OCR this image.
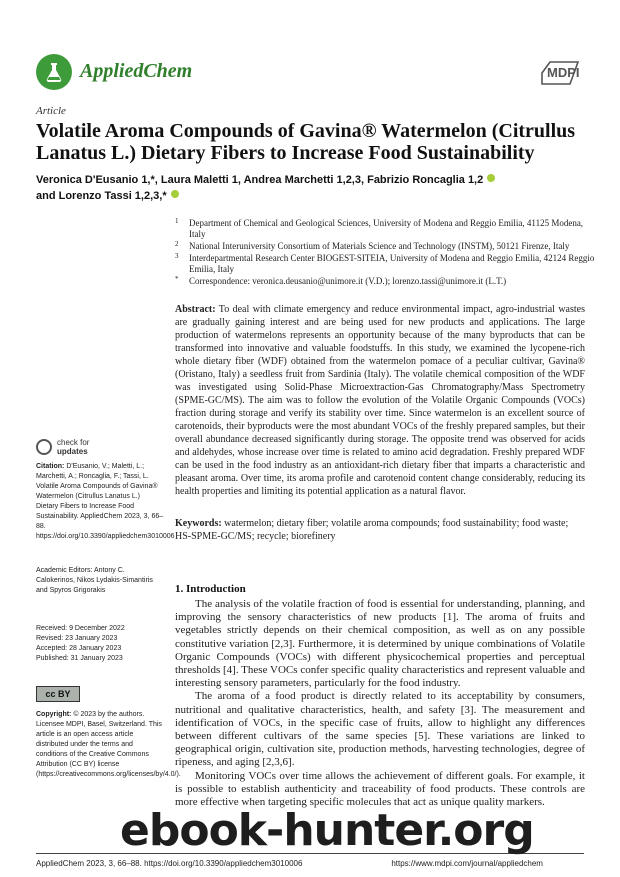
AppliedChem	MDPI
Article
Volatile Aroma Compounds of Gavina® Watermelon (Citrullus Lanatus L.) Dietary Fibers to Increase Food Sustainability
Veronica D'Eusanio 1,*, Laura Maletti 1, Andrea Marchetti 1,2,3, Fabrizio Roncaglia 1,2
and Lorenzo Tassi 1,2,3,*
1 Department of Chemical and Geological Sciences, University of Modena and Reggio Emilia, 41125 Modena, Italy
2 National Interuniversity Consortium of Materials Science and Technology (INSTM), 50121 Firenze, Italy
3 Interdepartmental Research Center BIOGEST-SITEIA, University of Modena and Reggio Emilia, 42124 Reggio Emilia, Italy
* Correspondence: veronica.deusanio@unimore.it (V.D.); lorenzo.tassi@unimore.it (L.T.)
Abstract: To deal with climate emergency and reduce environmental impact, agro-industrial wastes are gradually gaining interest and are being used for new products and applications. The large production of watermelons represents an opportunity because of the many byproducts that can be transformed into innovative and valuable foodstuffs. In this study, we examined the lycopene-rich whole dietary fiber (WDF) obtained from the watermelon pomace of a peculiar cultivar, Gavina® (Oristano, Italy) a seedless fruit from Sardinia (Italy). The volatile chemical composition of the WDF was investigated using Solid-Phase Microextraction-Gas Chromatography/Mass Spectrometry (SPME-GC/MS). The aim was to follow the evolution of the Volatile Organic Compounds (VOCs) fraction during storage and verify its stability over time. Since watermelon is an excellent source of carotenoids, their byproducts were the most abundant VOCs of the freshly prepared samples, but their overall abundance decreased significantly during storage. The opposite trend was observed for acids and aldehydes, whose increase over time is related to amino acid degradation. Freshly prepared WDF can be used in the food industry as an antioxidant-rich dietary fiber that imparts a characteristic and pleasant aroma. Over time, its aroma profile and carotenoid content change considerably, reducing its health properties and limiting its potential application as a natural flavor.
Keywords: watermelon; dietary fiber; volatile aroma compounds; food sustainability; food waste; HS-SPME-GC/MS; recycle; biorefinery
check for
updates
Citation: D'Eusanio, V.; Maletti, L.; Marchetti, A.; Roncaglia, F.; Tassi, L. Volatile Aroma Compounds of Gavina® Watermelon (Citrullus Lanatus L.) Dietary Fibers to Increase Food Sustainability. AppliedChem 2023, 3, 66–88. https://doi.org/10.3390/appliedchem3010006
Academic Editors: Antony C. Calokerinos, Nikos Lydakis-Simantiris and Spyros Grigorakis
Received: 9 December 2022
Revised: 23 January 2023
Accepted: 28 January 2023
Published: 31 January 2023
cc BY
Copyright: © 2023 by the authors. Licensee MDPI, Basel, Switzerland. This article is an open access article distributed under the terms and conditions of the Creative Commons Attribution (CC BY) license (https://creativecommons.org/licenses/by/4.0/).
1. Introduction

The analysis of the volatile fraction of food is essential for understanding, planning, and improving the sensory characteristics of new products [1]. The aroma of fruits and vegetables strictly depends on their chemical composition, as well as on any possible constitutive variation [2,3]. Furthermore, it is determined by unique combinations of Volatile Organic Compounds (VOCs) with different physicochemical properties and perceptual thresholds [4]. These VOCs confer specific quality characteristics and represent valuable and interesting sensory parameters, particularly for the food industry.

The aroma of a food product is directly related to its acceptability by consumers, nutritional and qualitative characteristics, health, and safety [3]. The measurement and identification of VOCs, in the specific case of fruits, allow to highlight any differences between different cultivars of the same species [5]. These variations are linked to geographical origin, cultivation site, production methods, harvesting technologies, degree of ripeness, and aging [2,3,6].

Monitoring VOCs over time allows the achievement of different goals. For example, it is possible to establish authenticity and traceability of food products. These controls are more effective when targeting specific molecules that act as unique quality markers.

AppliedChem 2023, 3, 66–88. https://doi.org/10.3390/appliedchem3010006                                        https://www.mdpi.com/journal/appliedchem
ebook-hunter.org
